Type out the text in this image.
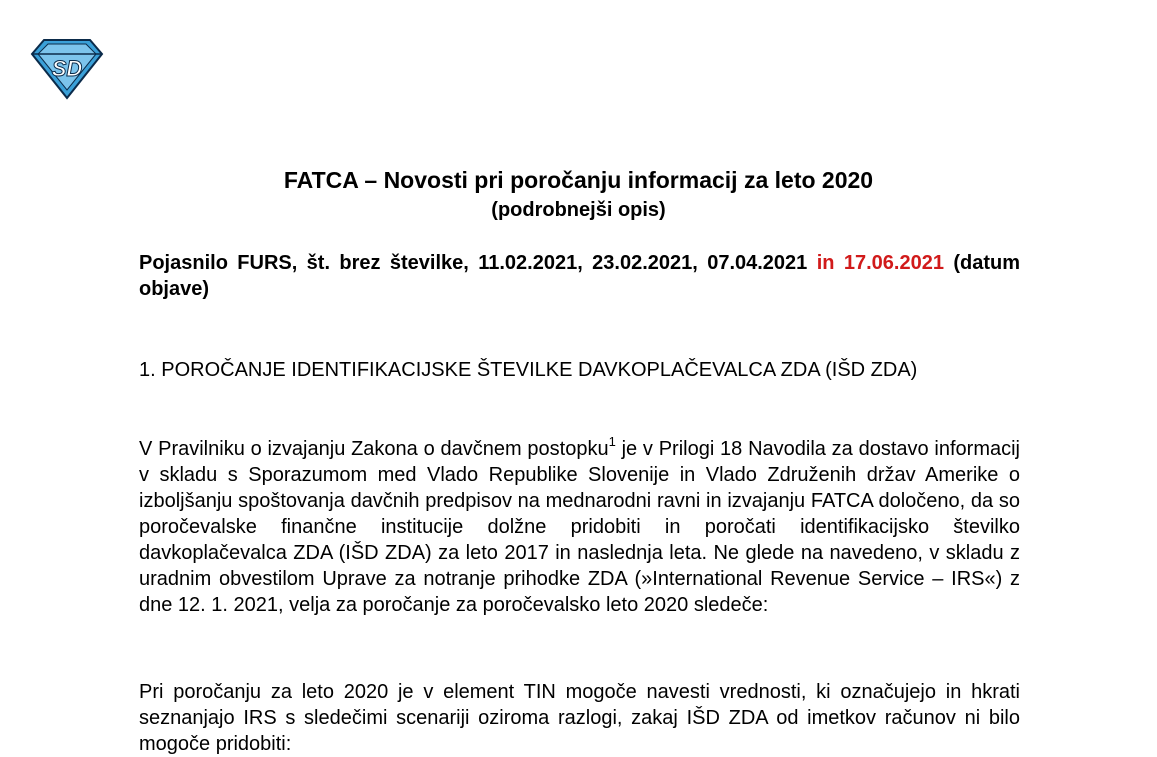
SD
FATCA – Novosti pri poročanju informacij za leto 2020
(podrobnejši opis)

Pojasnilo FURS, št. brez številke, 11.02.2021, 23.02.2021, 07.04.2021 in 17.06.2021 (datum objave)

1. POROČANJE IDENTIFIKACIJSKE ŠTEVILKE DAVKOPLAČEVALCA ZDA (IŠD ZDA)

V Pravilniku o izvajanju Zakona o davčnem postopku$^1$ je v Prilogi 18 Navodila za dostavo informacij v skladu s Sporazumom med Vlado Republike Slovenije in Vlado Združenih držav Amerike o izboljšanju spoštovanja davčnih predpisov na mednarodni ravni in izvajanju FATCA določeno, da so poročevalske finančne institucije dolžne pridobiti in poročati identifikacijsko številko davkoplačevalca ZDA (IŠD ZDA) za leto 2017 in naslednja leta. Ne glede na navedeno, v skladu z uradnim obvestilom Uprave za notranje prihodke ZDA (»International Revenue Service – IRS«) z dne 12. 1. 2021, velja za poročanje za poročevalsko leto 2020 sledeče:

Pri poročanju za leto 2020 je v element TIN mogoče navesti vrednosti, ki označujejo in hkrati seznanjajo IRS s sledečimi scenariji oziroma razlogi, zakaj IŠD ZDA od imetkov računov ni bilo mogoče pridobiti:
